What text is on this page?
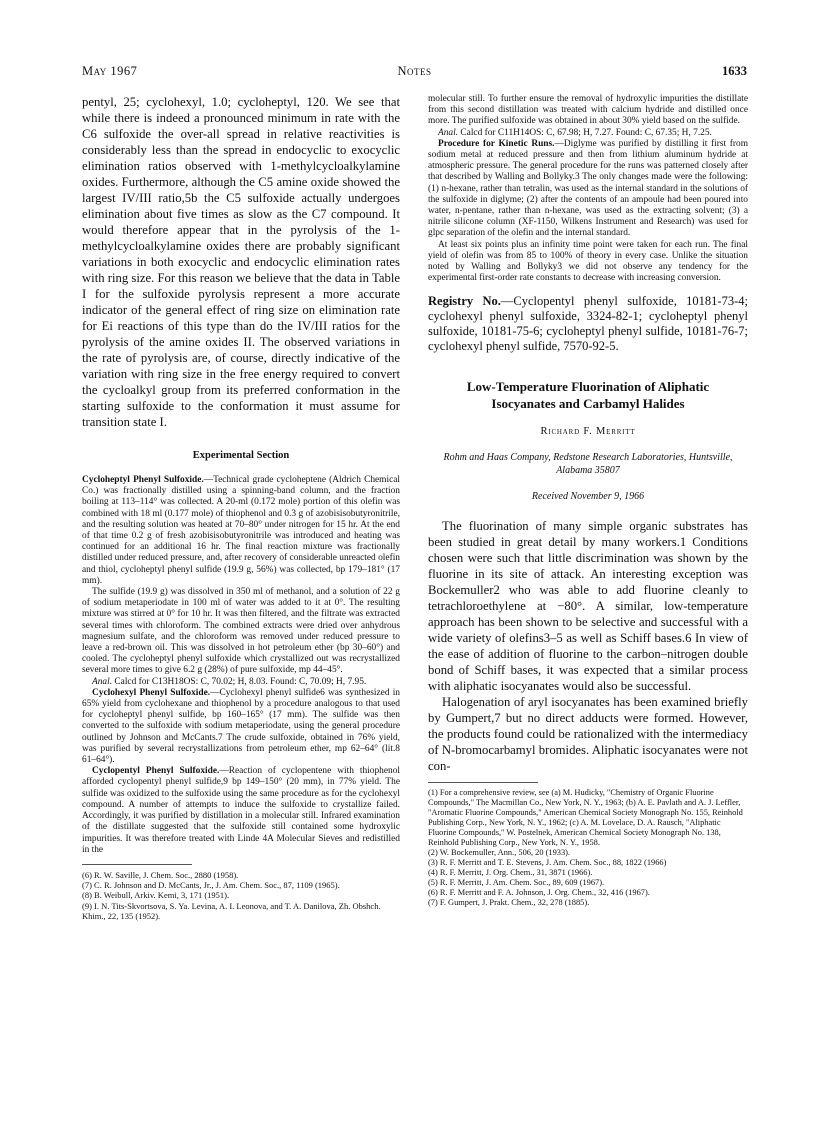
May 1967	Notes	1633

pentyl, 25; cyclohexyl, 1.0; cycloheptyl, 120. We see that while there is indeed a pronounced minimum in rate with the C6 sulfoxide the over-all spread in relative reactivities is considerably less than the spread in endocyclic to exocyclic elimination ratios observed with 1-methylcycloalkylamine oxides. Furthermore, although the C5 amine oxide showed the largest IV/III ratio,5b the C5 sulfoxide actually undergoes elimination about five times as slow as the C7 compound. It would therefore appear that in the pyrolysis of the 1-methylcycloalkylamine oxides there are probably significant variations in both exocyclic and endocyclic elimination rates with ring size. For this reason we believe that the data in Table I for the sulfoxide pyrolysis represent a more accurate indicator of the general effect of ring size on elimination rate for Ei reactions of this type than do the IV/III ratios for the pyrolysis of the amine oxides II. The observed variations in the rate of pyrolysis are, of course, directly indicative of the variation with ring size in the free energy required to convert the cycloalkyl group from its preferred conformation in the starting sulfoxide to the conformation it must assume for transition state I.

Experimental Section

Cycloheptyl Phenyl Sulfoxide.—Technical grade cycloheptene (Aldrich Chemical Co.) was fractionally distilled using a spinning-band column, and the fraction boiling at 113–114° was collected. A 20-ml (0.172 mole) portion of this olefin was combined with 18 ml (0.177 mole) of thiophenol and 0.3 g of azobisisobutyronitrile, and the resulting solution was heated at 70–80° under nitrogen for 15 hr. At the end of that time 0.2 g of fresh azobisisobutyronitrile was introduced and heating was continued for an additional 16 hr. The final reaction mixture was fractionally distilled under reduced pressure, and, after recovery of considerable unreacted olefin and thiol, cycloheptyl phenyl sulfide (19.9 g, 56%) was collected, bp 179–181° (17 mm).

The sulfide (19.9 g) was dissolved in 350 ml of methanol, and a solution of 22 g of sodium metaperiodate in 100 ml of water was added to it at 0°. The resulting mixture was stirred at 0° for 10 hr. It was then filtered, and the filtrate was extracted several times with chloroform. The combined extracts were dried over anhydrous magnesium sulfate, and the chloroform was removed under reduced pressure to leave a red-brown oil. This was dissolved in hot petroleum ether (bp 30–60°) and cooled. The cycloheptyl phenyl sulfoxide which crystallized out was recrystallized several more times to give 6.2 g (28%) of pure sulfoxide, mp 44–45°.

Anal. Calcd for C13H18OS: C, 70.02; H, 8.03. Found: C, 70.09; H, 7.95.

Cyclohexyl Phenyl Sulfoxide.—Cyclohexyl phenyl sulfide6 was synthesized in 65% yield from cyclohexane and thiophenol by a procedure analogous to that used for cycloheptyl phenyl sulfide, bp 160–165° (17 mm). The sulfide was then converted to the sulfoxide with sodium metaperiodate, using the general procedure outlined by Johnson and McCants.7 The crude sulfoxide, obtained in 76% yield, was purified by several recrystallizations from petroleum ether, mp 62–64° (lit.8 61–64°).

Cyclopentyl Phenyl Sulfoxide.—Reaction of cyclopentene with thiophenol afforded cyclopentyl phenyl sulfide,9 bp 149–150° (20 mm), in 77% yield. The sulfide was oxidized to the sulfoxide using the same procedure as for the cyclohexyl compound. A number of attempts to induce the sulfoxide to crystallize failed. Accordingly, it was purified by distillation in a molecular still. Infrared examination of the distillate suggested that the sulfoxide still contained some hydroxylic impurities. It was therefore treated with Linde 4A Molecular Sieves and redistilled in the

(6) R. W. Saville, J. Chem. Soc., 2880 (1958).

(7) C. R. Johnson and D. McCants, Jr., J. Am. Chem. Soc., 87, 1109 (1965).

(8) B. Weibull, Arkiv. Kemi, 3, 171 (1951).

(9) I. N. Tits-Skvortsova, S. Ya. Levina, A. I. Leonova, and T. A. Danilova, Zh. Obshch. Khim., 22, 135 (1952).

molecular still. To further ensure the removal of hydroxylic impurities the distillate from this second distillation was treated with calcium hydride and distilled once more. The purified sulfoxide was obtained in about 30% yield based on the sulfide.

Anal. Calcd for C11H14OS: C, 67.98; H, 7.27. Found: C, 67.35; H, 7.25.

Procedure for Kinetic Runs.—Diglyme was purified by distilling it first from sodium metal at reduced pressure and then from lithium aluminum hydride at atmospheric pressure. The general procedure for the runs was patterned closely after that described by Walling and Bollyky.3 The only changes made were the following: (1) n-hexane, rather than tetralin, was used as the internal standard in the solutions of the sulfoxide in diglyme; (2) after the contents of an ampoule had been poured into water, n-pentane, rather than n-hexane, was used as the extracting solvent; (3) a nitrile silicone column (XF-1150, Wilkens Instrument and Research) was used for glpc separation of the olefin and the internal standard.

At least six points plus an infinity time point were taken for each run. The final yield of olefin was from 85 to 100% of theory in every case. Unlike the situation noted by Walling and Bollyky3 we did not observe any tendency for the experimental first-order rate constants to decrease with increasing conversion.

Registry No.—Cyclopentyl phenyl sulfoxide, 10181-73-4; cyclohexyl phenyl sulfoxide, 3324-82-1; cycloheptyl phenyl sulfoxide, 10181-75-6; cycloheptyl phenyl sulfide, 10181-76-7; cyclohexyl phenyl sulfide, 7570-92-5.

Low-Temperature Fluorination of Aliphatic Isocyanates and Carbamyl Halides
Richard F. Merritt
Rohm and Haas Company, Redstone Research Laboratories, Huntsville, Alabama 35807
Received November 9, 1966

The fluorination of many simple organic substrates has been studied in great detail by many workers.1 Conditions chosen were such that little discrimination was shown by the fluorine in its site of attack. An interesting exception was Bockemuller2 who was able to add fluorine cleanly to tetrachloroethylene at −80°. A similar, low-temperature approach has been shown to be selective and successful with a wide variety of olefins3–5 as well as Schiff bases.6 In view of the ease of addition of fluorine to the carbon–nitrogen double bond of Schiff bases, it was expected that a similar process with aliphatic isocyanates would also be successful.

Halogenation of aryl isocyanates has been examined briefly by Gumpert,7 but no direct adducts were formed. However, the products found could be rationalized with the intermediacy of N-bromocarbamyl bromides. Aliphatic isocyanates were not con-

(1) For a comprehensive review, see (a) M. Hudicky, "Chemistry of Organic Fluorine Compounds," The Macmillan Co., New York, N. Y., 1963; (b) A. E. Pavlath and A. J. Leffler, "Aromatic Fluorine Compounds," American Chemical Society Monograph No. 155, Reinhold Publishing Corp., New York, N. Y., 1962; (c) A. M. Lovelace, D. A. Rausch, "Aliphatic Fluorine Compounds," W. Postelnek, American Chemical Society Monograph No. 138, Reinhold Publishing Corp., New York, N. Y., 1958.

(2) W. Bockemuller, Ann., 506, 20 (1933).

(3) R. F. Merritt and T. E. Stevens, J. Am. Chem. Soc., 88, 1822 (1966)

(4) R. F. Merritt, J. Org. Chem., 31, 3871 (1966).

(5) R. F. Merritt, J. Am. Chem. Soc., 89, 609 (1967).

(6) R. F. Merritt and F. A. Johnson, J. Org. Chem., 32, 416 (1967).

(7) F. Gumpert, J. Prakt. Chem., 32, 278 (1885).
